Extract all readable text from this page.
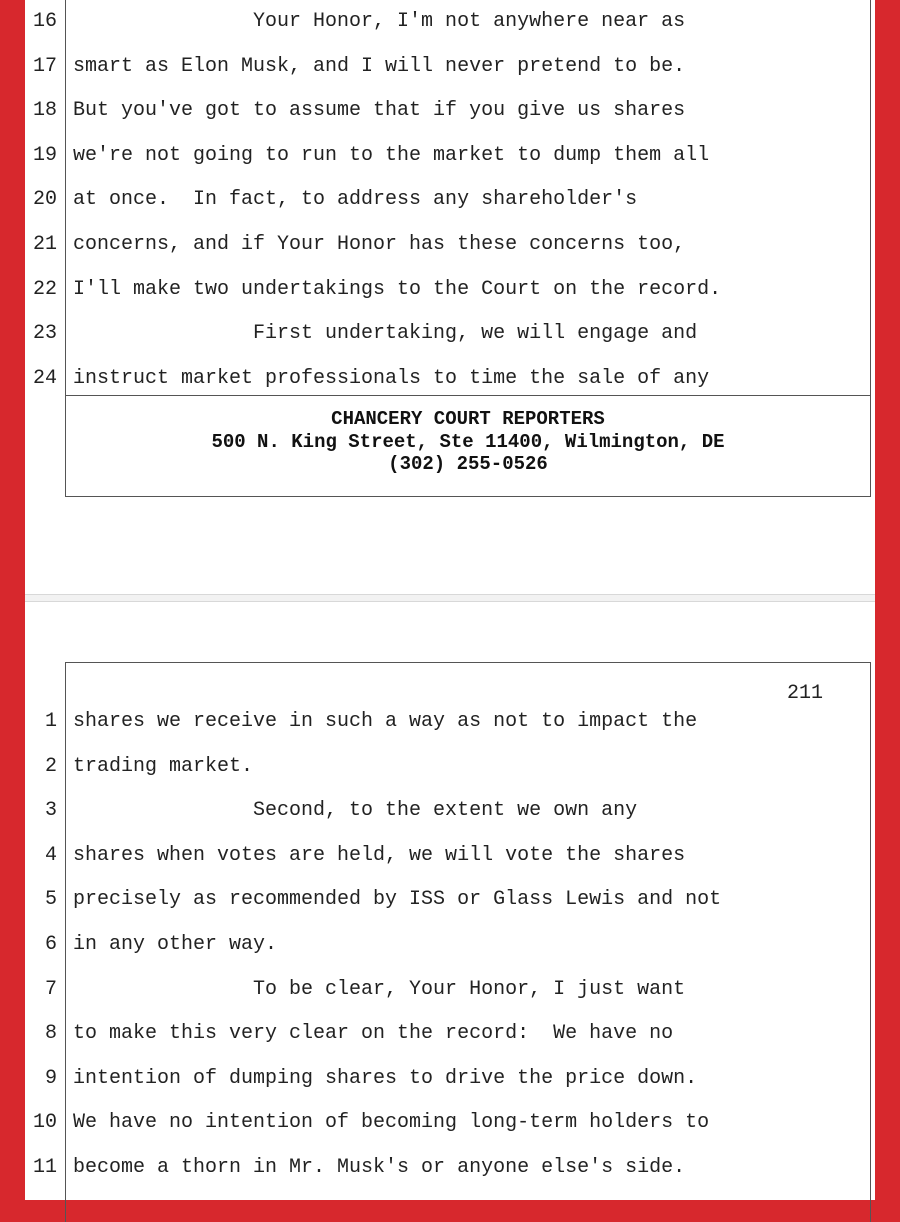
16 Your Honor, I'm not anywhere near as
17 smart as Elon Musk, and I will never pretend to be.
18 But you've got to assume that if you give us shares
19 we're not going to run to the market to dump them all
20 at once.  In fact, to address any shareholder's
21 concerns, and if Your Honor has these concerns too,
22 I'll make two undertakings to the Court on the record.
23 First undertaking, we will engage and
24 instruct market professionals to time the sale of any
CHANCERY COURT REPORTERS
500 N. King Street, Ste 11400, Wilmington, DE
(302) 255-0526
211
1 shares we receive in such a way as not to impact the
2 trading market.
3 Second, to the extent we own any
4 shares when votes are held, we will vote the shares
5 precisely as recommended by ISS or Glass Lewis and not
6 in any other way.
7 To be clear, Your Honor, I just want
8 to make this very clear on the record:  We have no
9 intention of dumping shares to drive the price down.
10 We have no intention of becoming long-term holders to
11 become a thorn in Mr. Musk's or anyone else's side.
